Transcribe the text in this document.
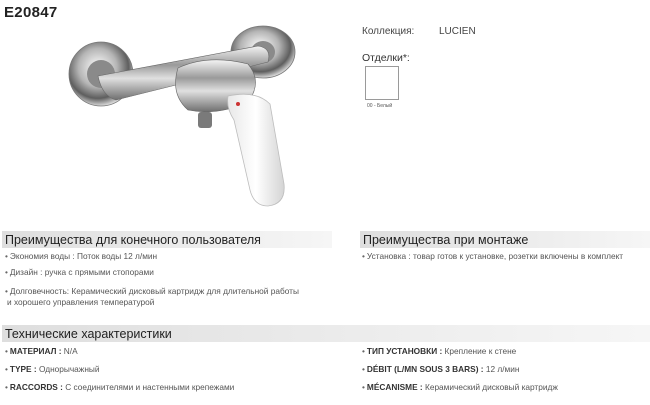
E20847
Коллекция:	LUCIEN
Отделки*:
00 - Белый
Преимущества для конечного пользователя
• Экономия воды : Поток воды 12 л/мин
• Дизайн : ручка с прямыми стопорами
• Долговечность: Керамический дисковый картридж для длительной работы
и хорошего управления температурой
Преимущества при монтаже
• Установка : товар готов к установке, розетки включены в комплект
Технические характеристики
• МАТЕРИАЛ : N/A
• TYPE : Однорычажный
• RACCORDS : С соединителями и настенными крепежами
• ТИП УСТАНОВКИ : Крепление к стене
• DÉBIT (L/MN SOUS 3 BARS) : 12 л/мин
• MÉCANISME : Керамический дисковый картридж
